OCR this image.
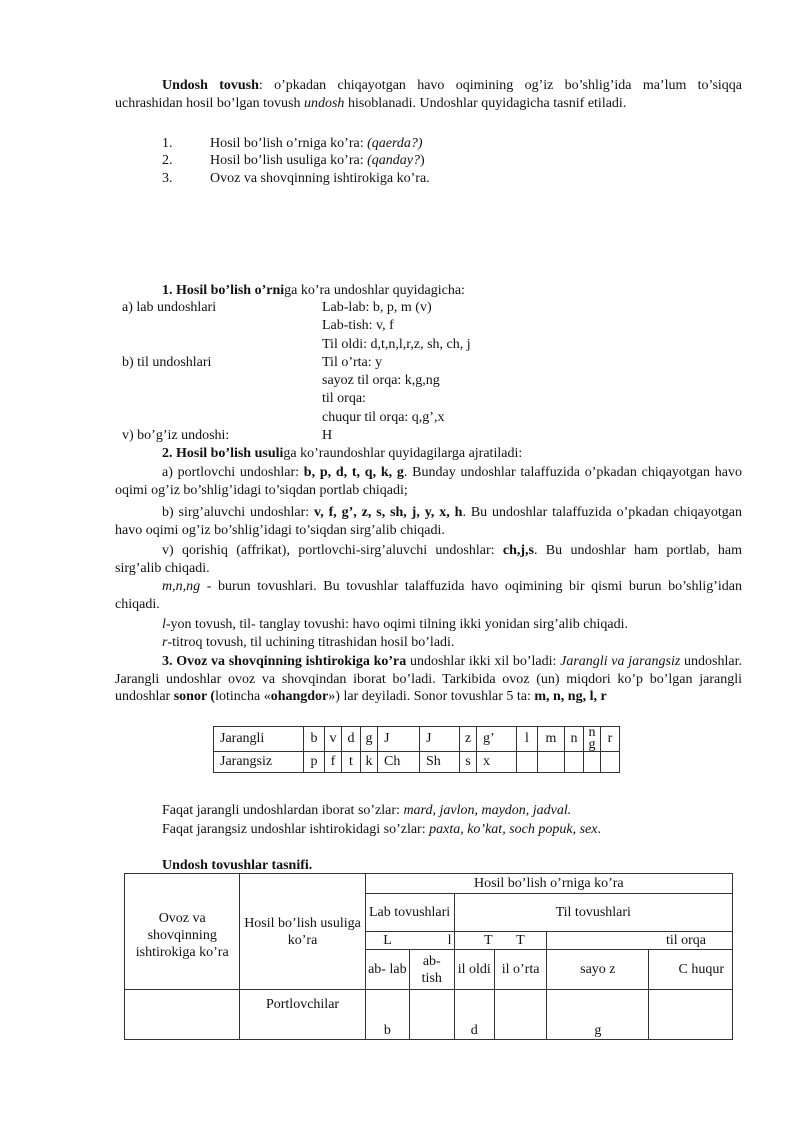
Undosh tovush: o’pkadan chiqayotgan havo oqimining og’iz bo’shlig’ida ma’lum to’siqqa uchrashidan hosil bo’lgan tovush undosh hisoblanadi. Undoshlar quyidagicha tasnif etiladi.
1.	Hosil bo’lish o’rniga ko’ra: (qaerda?)
2.	Hosil bo’lish usuliga ko’ra: (qanday?)
3.	Ovoz va shovqinning ishtirokiga ko’ra.
1. Hosil bo’lish o’rniga ko’ra undoshlar quyidagicha:
a) lab undoshlari	Lab-lab: b, p, m (v)
Lab-tish: v, f
Til oldi: d,t,n,l,r,z, sh, ch, j
b) til undoshlari	Til o’rta: y
sayoz til orqa: k,g,ng
til orqa:
chuqur til orqa: q,g’,x
v) bo’g’iz undoshi:	H
2. Hosil bo’lish usuliga ko’raundoshlar quyidagilarga ajratiladi:
a) portlovchi undoshlar: b, p, d, t, q, k, g. Bunday undoshlar talaffuzida o’pkadan chiqayotgan havo oqimi og’iz bo’shlig’idagi to’siqdan portlab chiqadi;
b) sirg’aluvchi undoshlar: v, f, g’, z, s, sh, j, y, x, h. Bu undoshlar talaffuzida o’pkadan chiqayotgan havo oqimi og’iz bo’shlig’idagi to’siqdan sirg’alib chiqadi.
v) qorishiq (affrikat), portlovchi-sirg’aluvchi undoshlar: ch,j,s. Bu undoshlar ham portlab, ham sirg’alib chiqadi.
m,n,ng - burun tovushlari. Bu tovushlar talaffuzida havo oqimining bir qismi burun bo’shlig’idan chiqadi.
l-yon tovush, til- tanglay tovushi: havo oqimi tilning ikki yonidan sirg’alib chiqadi.
r-titroq tovush, til uchining titrashidan hosil bo’ladi.
3. Ovoz va shovqinning ishtirokiga ko’ra undoshlar ikki xil bo’ladi: Jarangli va jarangsiz undoshlar. Jarangli undoshlar ovoz va shovqindan iborat bo’ladi. Tarkibida ovoz (un) miqdori ko’p bo’lgan jarangli undoshlar sonor (lotincha «ohangdor») lar deyiladi. Sonor tovushlar 5 ta: m, n, ng, l, r
Jarangli	b	v	d	g	J	J	z	g’	l	m	n	n g	r
Jarangsiz	p	f	t	k	Ch	Sh	s	x					
Faqat jarangli undoshlardan iborat so’zlar: mard, javlon, maydon, jadval.
Faqat jarangsiz undoshlar ishtirokidagi so’zlar: paxta, ko’kat, soch popuk, sex.
Undosh tovushlar tasnifi.
Ovoz va shovqinning ishtirokiga ko’ra	Hosil bo’lish usuliga ko’ra	Hosil bo’lish o’rniga ko’ra					
		Lab tovushlari		Til tovushlari			
		L	l	T	T	til orqa	
		ab- lab	ab- tish	il oldi	il o’rta	sayo z	C huqur
	Portlovchilar	b		d		g	
